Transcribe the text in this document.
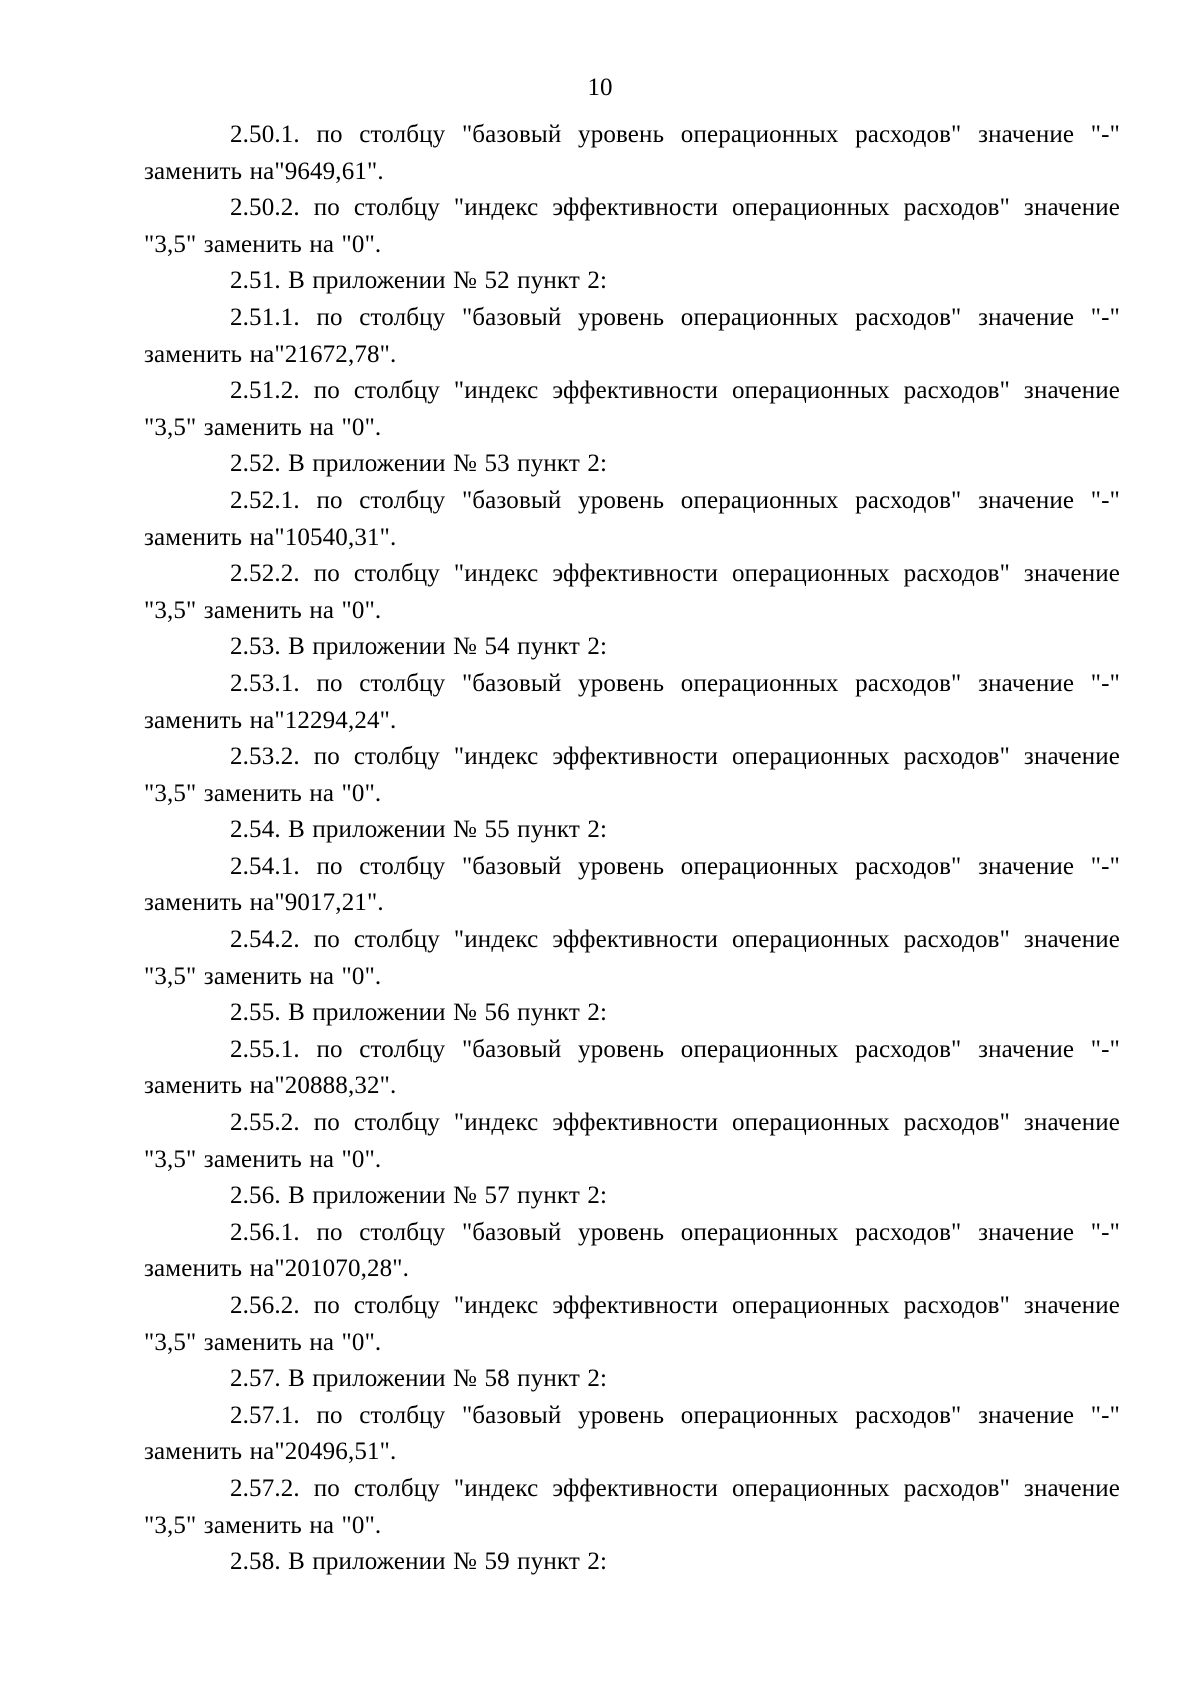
10

2.50.1. по столбцу "базовый уровень операционных расходов" значение "-" заменить на"9649,61".

2.50.2. по столбцу "индекс эффективности операционных расходов" значение "3,5" заменить на "0".

2.51. В приложении № 52 пункт 2:

2.51.1. по столбцу "базовый уровень операционных расходов" значение "-" заменить на"21672,78".

2.51.2. по столбцу "индекс эффективности операционных расходов" значение "3,5" заменить на "0".

2.52. В приложении № 53 пункт 2:

2.52.1. по столбцу "базовый уровень операционных расходов" значение "-" заменить на"10540,31".

2.52.2. по столбцу "индекс эффективности операционных расходов" значение "3,5" заменить на "0".

2.53. В приложении № 54 пункт 2:

2.53.1. по столбцу "базовый уровень операционных расходов" значение "-" заменить на"12294,24".

2.53.2. по столбцу "индекс эффективности операционных расходов" значение "3,5" заменить на "0".

2.54. В приложении № 55 пункт 2:

2.54.1. по столбцу "базовый уровень операционных расходов" значение "-" заменить на"9017,21".

2.54.2. по столбцу "индекс эффективности операционных расходов" значение "3,5" заменить на "0".

2.55. В приложении № 56 пункт 2:

2.55.1. по столбцу "базовый уровень операционных расходов" значение "-" заменить на"20888,32".

2.55.2. по столбцу "индекс эффективности операционных расходов" значение "3,5" заменить на "0".

2.56. В приложении № 57 пункт 2:

2.56.1. по столбцу "базовый уровень операционных расходов" значение "-" заменить на"201070,28".

2.56.2. по столбцу "индекс эффективности операционных расходов" значение "3,5" заменить на "0".

2.57. В приложении № 58 пункт 2:

2.57.1. по столбцу "базовый уровень операционных расходов" значение "-" заменить на"20496,51".

2.57.2. по столбцу "индекс эффективности операционных расходов" значение "3,5" заменить на "0".

2.58. В приложении № 59 пункт 2:
